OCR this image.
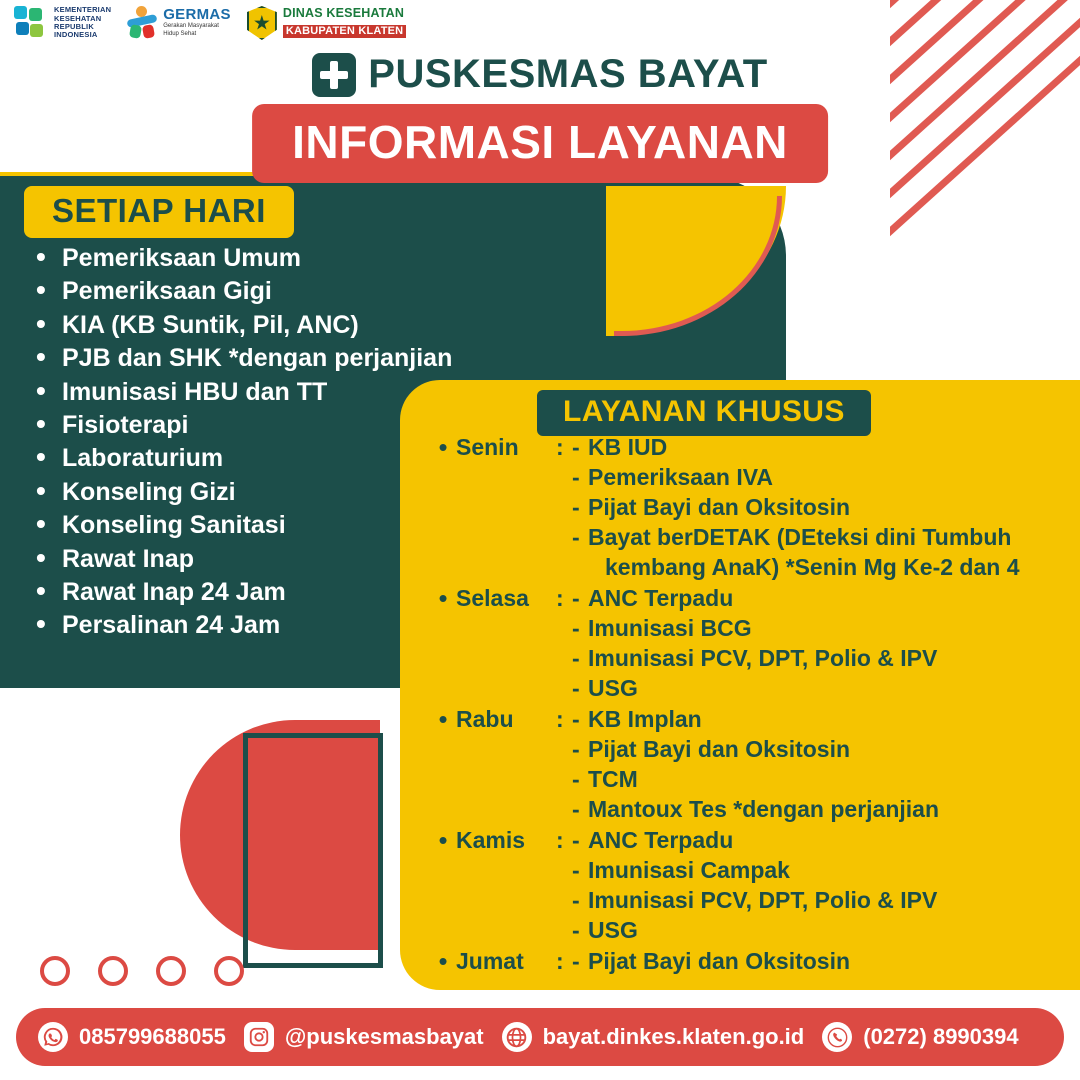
KEMENTERIAN
KESEHATAN
REPUBLIK
INDONESIA
GERMAS
Gerakan Masyarakat
Hidup Sehat
DINAS KESEHATAN
KABUPATEN KLATEN
PUSKESMAS BAYAT
INFORMASI LAYANAN
SETIAP HARI
• Pemeriksaan Umum
• Pemeriksaan Gigi
• KIA (KB Suntik, Pil, ANC)
• PJB dan SHK *dengan perjanjian
• Imunisasi HBU dan TT
• Fisioterapi
• Laboraturium
• Konseling Gizi
• Konseling Sanitasi
• Rawat Inap
• Rawat Inap 24 Jam
• Persalinan 24 Jam
LAYANAN KHUSUS
• Senin	: - KB IUD
- Pemeriksaan IVA
- Pijat Bayi dan Oksitosin
- Bayat berDETAK (DEteksi dini Tumbuh
kembang AnaK) *Senin Mg Ke-2 dan 4
• Selasa	: - ANC Terpadu
- Imunisasi BCG
- Imunisasi PCV, DPT, Polio & IPV
- USG
• Rabu	: - KB Implan
- Pijat Bayi dan Oksitosin
- TCM
- Mantoux Tes *dengan perjanjian
• Kamis	: - ANC Terpadu
- Imunisasi Campak
- Imunisasi PCV, DPT, Polio & IPV
- USG
• Jumat	: - Pijat Bayi dan Oksitosin
085799688055	@puskesmasbayat	bayat.dinkes.klaten.go.id	(0272) 8990394
